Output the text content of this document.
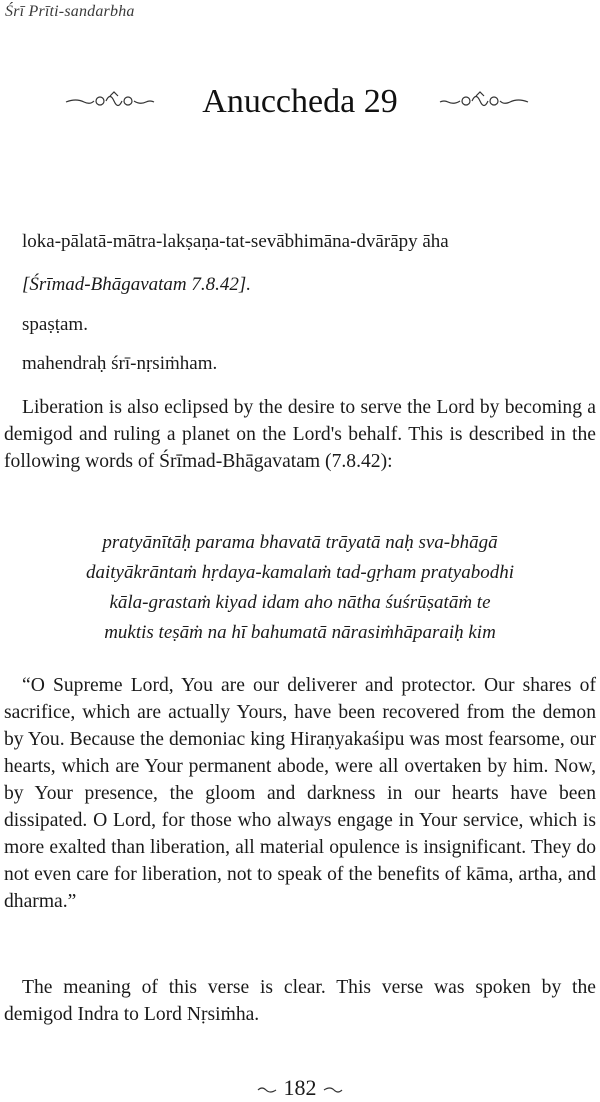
Śrī Prīti-sandarbha
Anuccheda 29
loka-pālatā-mātra-lakṣaṇa-tat-sevābhimāna-dvārāpy āha
[Śrīmad-Bhāgavatam 7.8.42].
spaṣṭam.
mahendraḥ śrī-nṛsiṁham.

Liberation is also eclipsed by the desire to serve the Lord by becoming a demigod and ruling a planet on the Lord's behalf. This is described in the following words of Śrīmad-Bhāgavatam (7.8.42):

pratyānītāḥ parama bhavatā trāyatā naḥ sva-bhāgā
daityākrāntaṁ hṛdaya-kamalaṁ tad-gṛham pratyabodhi
kāla-grastaṁ kiyad idam aho nātha śuśrūṣatāṁ te
muktis teṣāṁ na hī bahumatā nārasiṁhāparaiḥ kim

“O Supreme Lord, You are our deliverer and protector. Our shares of sacrifice, which are actually Yours, have been recovered from the demon by You. Because the demoniac king Hiraṇyakaśipu was most fearsome, our hearts, which are Your permanent abode, were all overtaken by him. Now, by Your presence, the gloom and darkness in our hearts have been dissipated. O Lord, for those who always engage in Your service, which is more exalted than liberation, all material opulence is insignificant. They do not even care for liberation, not to speak of the benefits of kāma, artha, and dharma.”

The meaning of this verse is clear. This verse was spoken by the demigod Indra to Lord Nṛsiṁha.

182
